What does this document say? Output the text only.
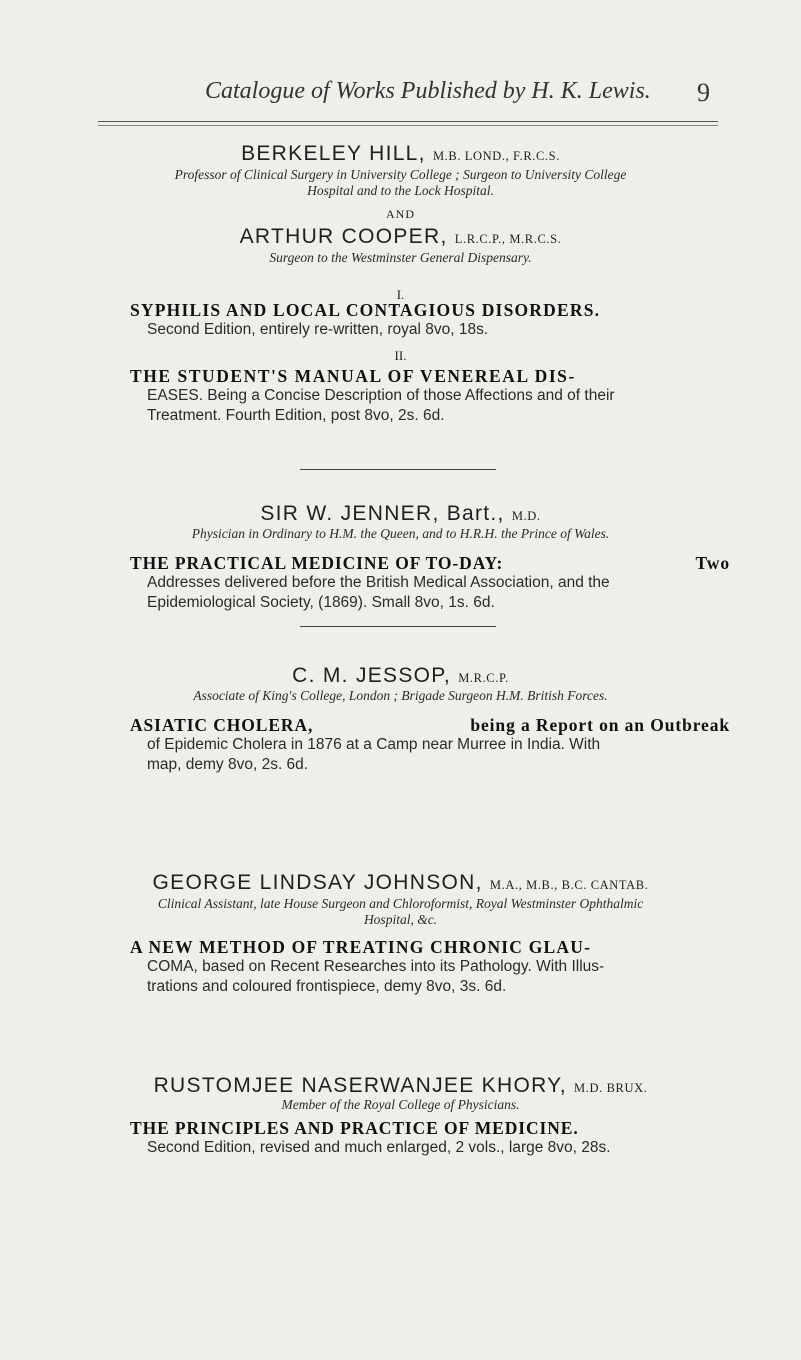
Catalogue of Works Published by H. K. Lewis. 9
BERKELEY HILL, M.B. LOND., F.R.C.S.
Professor of Clinical Surgery in University College ; Surgeon to University College
Hospital and to the Lock Hospital.
AND
ARTHUR COOPER, L.R.C.P., M.R.C.S.
Surgeon to the Westminster General Dispensary.
I.
SYPHILIS AND LOCAL CONTAGIOUS DISORDERS.
Second Edition, entirely re-written, royal 8vo, 18s.
II.
THE STUDENT'S MANUAL OF VENEREAL DIS-
EASES. Being a Concise Description of those Affections and of their
Treatment. Fourth Edition, post 8vo, 2s. 6d.
SIR W. JENNER, Bart., M.D.
Physician in Ordinary to H.M. the Queen, and to H.R.H. the Prince of Wales.
THE PRACTICAL MEDICINE OF TO-DAY:	Two
Addresses delivered before the British Medical Association, and the
Epidemiological Society, (1869). Small 8vo, 1s. 6d.
C. M. JESSOP, M.R.C.P.
Associate of King's College, London ; Brigade Surgeon H.M. British Forces.
ASIATIC CHOLERA,	being a Report on an Outbreak
of Epidemic Cholera in 1876 at a Camp near Murree in India. With
map, demy 8vo, 2s. 6d.
GEORGE LINDSAY JOHNSON, M.A., M.B., B.C. CANTAB.
Clinical Assistant, late House Surgeon and Chloroformist, Royal Westminster Ophthalmic
Hospital, &c.
A NEW METHOD OF TREATING CHRONIC GLAU-
COMA, based on Recent Researches into its Pathology. With Illus-
trations and coloured frontispiece, demy 8vo, 3s. 6d.
RUSTOMJEE NASERWANJEE KHORY, M.D. BRUX.
Member of the Royal College of Physicians.
THE PRINCIPLES AND PRACTICE OF MEDICINE.
Second Edition, revised and much enlarged, 2 vols., large 8vo, 28s.
